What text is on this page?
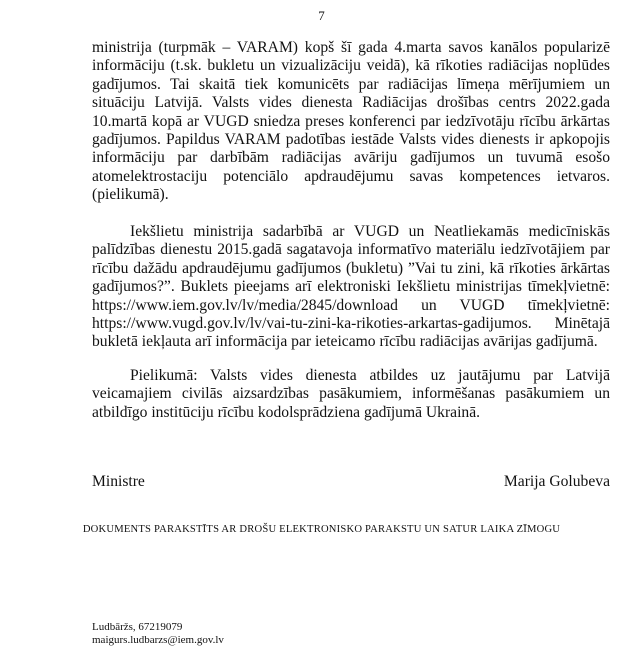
7

ministrija (turpmāk – VARAM) kopš šī gada 4.marta savos kanālos popularizē informāciju (t.sk. bukletu un vizualizāciju veidā), kā rīkoties radiācijas noplūdes gadījumos. Tai skaitā tiek komunicēts par radiācijas līmeņa mērījumiem un situāciju Latvijā. Valsts vides dienesta Radiācijas drošības centrs 2022.gada 10.martā kopā ar VUGD sniedza preses konferenci par iedzīvotāju rīcību ārkārtas gadījumos. Papildus VARAM padotības iestāde Valsts vides dienests ir apkopojis informāciju par darbībām radiācijas avāriju gadījumos un tuvumā esošo atomelektrostaciju potenciālo apdraudējumu savas kompetences ietvaros. (pielikumā).

Iekšlietu ministrija sadarbībā ar VUGD un Neatliekamās medicīniskās palīdzības dienestu 2015.gadā sagatavoja informatīvo materiālu iedzīvotājiem par rīcību dažādu apdraudējumu gadījumos (bukletu) ”Vai tu zini, kā rīkoties ārkārtas gadījumos?”. Buklets pieejams arī elektroniski Iekšlietu ministrijas tīmekļvietnē: https://www.iem.gov.lv/lv/media/2845/download un VUGD tīmekļvietnē: https://www.vugd.gov.lv/lv/vai-tu-zini-ka-rikoties-arkartas-gadijumos. Minētajā bukletā iekļauta arī informācija par ieteicamo rīcību radiācijas avārijas gadījumā.

Pielikumā: Valsts vides dienesta atbildes uz jautājumu par Latvijā veicamajiem civilās aizsardzības pasākumiem, informēšanas pasākumiem un atbildīgo institūciju rīcību kodolsprādziena gadījumā Ukrainā.

Ministre	Marija Golubeva
DOKUMENTS PARAKSTĪTS AR DROŠU ELEKTRONISKO PARAKSTU UN SATUR LAIKA ZĪMOGU
Ludbāržs, 67219079
maigurs.ludbarzs@iem.gov.lv
